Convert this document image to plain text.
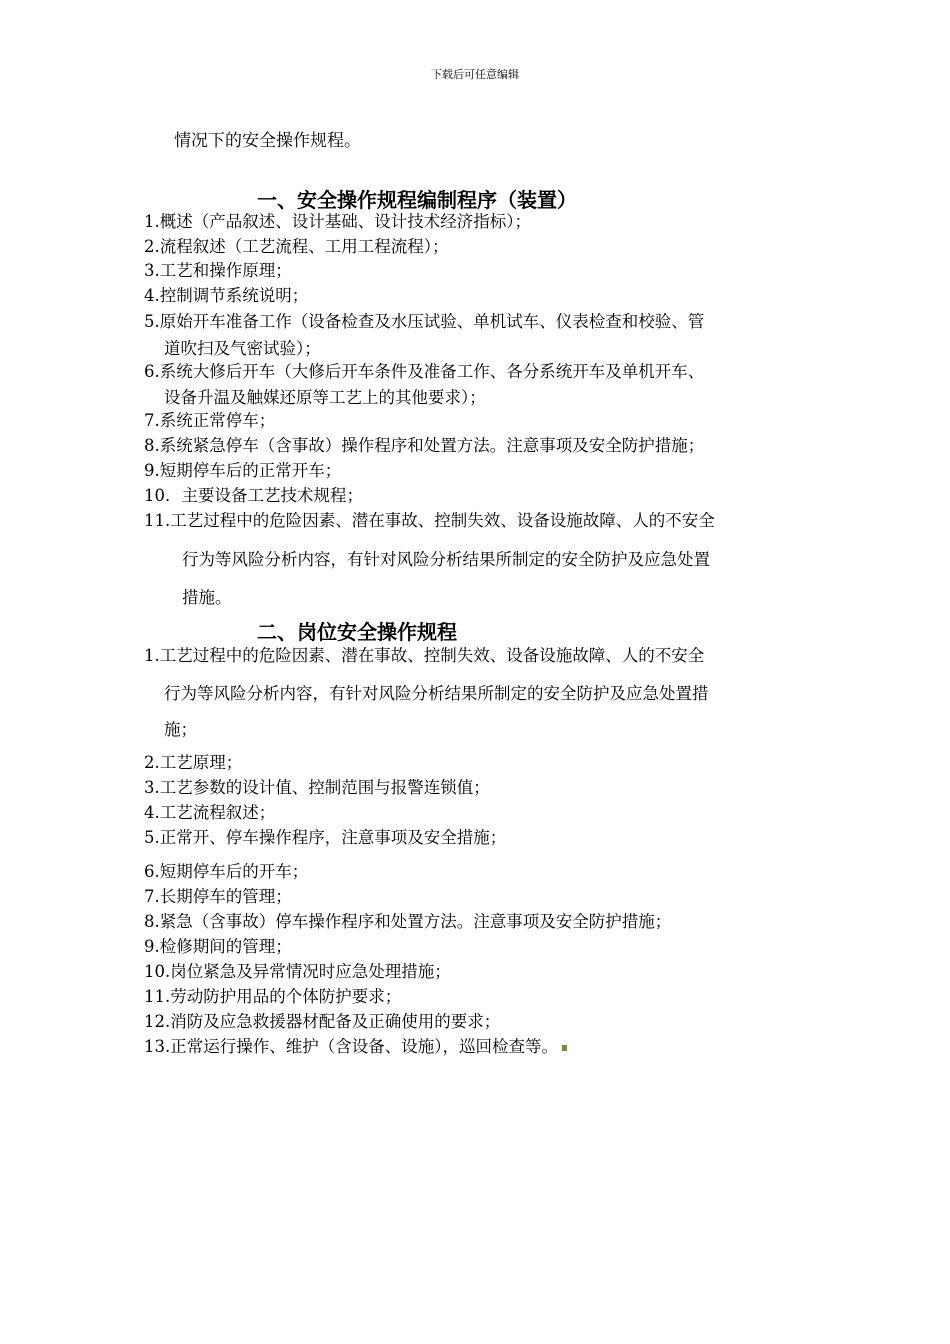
下载后可任意编辑
情况下的安全操作规程。
一、安全操作规程编制程序（装置）
1.概述（产品叙述、设计基础、设计技术经济指标）；
2.流程叙述（工艺流程、工用工程流程）；
3.工艺和操作原理；
4.控制调节系统说明；
5.原始开车准备工作（设备检查及水压试验、单机试车、仪表检查和校验、管
道吹扫及气密试验）；
6.系统大修后开车（大修后开车条件及准备工作、各分系统开车及单机开车、
设备升温及触媒还原等工艺上的其他要求）；
7.系统正常停车；
8.系统紧急停车（含事故）操作程序和处置方法。注意事项及安全防护措施；
9.短期停车后的正常开车；
10．主要设备工艺技术规程；
11.工艺过程中的危险因素、潜在事故、控制失效、设备设施故障、人的不安全
行为等风险分析内容，有针对风险分析结果所制定的安全防护及应急处置
措施。
二、岗位安全操作规程
1.工艺过程中的危险因素、潜在事故、控制失效、设备设施故障、人的不安全
行为等风险分析内容，有针对风险分析结果所制定的安全防护及应急处置措
施；
2.工艺原理；
3.工艺参数的设计值、控制范围与报警连锁值；
4.工艺流程叙述；
5.正常开、停车操作程序，注意事项及安全措施；
6.短期停车后的开车；
7.长期停车的管理；
8.紧急（含事故）停车操作程序和处置方法。注意事项及安全防护措施；
9.检修期间的管理；
10.岗位紧急及异常情况时应急处理措施；
11.劳动防护用品的个体防护要求；
12.消防及应急救援器材配备及正确使用的要求；
13.正常运行操作、维护（含设备、设施），巡回检查等。
